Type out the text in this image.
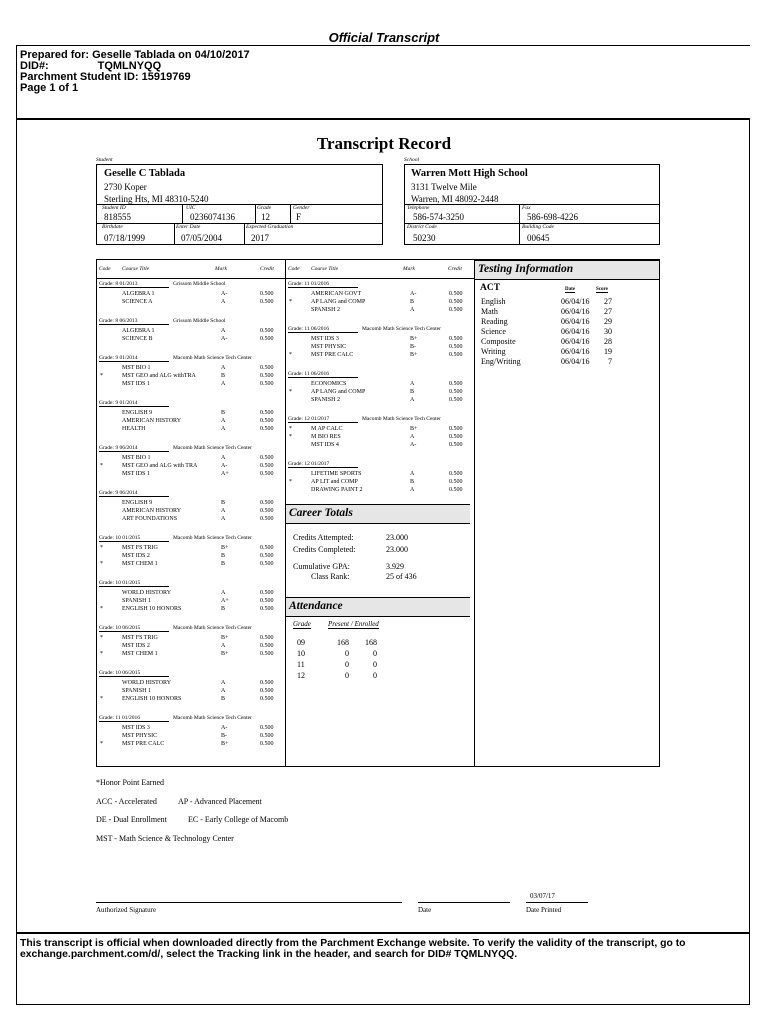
Official Transcript
Prepared for: Geselle Tablada on 04/10/2017
DID#:                TQMLNYQQ
Parchment Student ID: 15919769
Page 1 of 1
Transcript Record
Student
Geselle C Tablada
2730 Koper
Sterling Hts, MI 48310-5240
Student ID
818555
UIC
0236074136
Grade
12
Gender
F
Birthdate
07/18/1999
Enter Date
07/05/2004
Expected Graduation
2017
School
Warren Mott High School
3131 Twelve Mile
Warren, MI 48092-2448
Telephone
586-574-3250
Fax
586-698-4226
District Code
50230
Building Code
00645
Code Course Title	Mark	Credit	Code Course Title	Mark	Credit
Grade: 8 01/2013	Grissom Middle School
ALGEBRA 1	A-	0.500
SCIENCE A	A	0.500
Grade: 8 06/2013	Grissom Middle School
ALGEBRA 1	A	0.500
SCIENCE B	A-	0.500
Grade: 9 01/2014	Macomb Math Science Tech Center
MST BIO 1	A	0.500
*	MST GEO and ALG withTRA	B	0.500
MST IDS 1	A	0.500
Grade: 9 01/2014
ENGLISH 9	B	0.500
AMERICAN HISTORY	A	0.500
HEALTH	A	0.500
Grade: 9 06/2014	Macomb Math Science Tech Center
MST BIO 1	A	0.500
*	MST GEO and ALG with TRA	A-	0.500
MST IDS 1	A+	0.500
Grade: 9 06/2014
ENGLISH 9	B	0.500
AMERICAN HISTORY	A	0.500
ART FOUNDATIONS	A	0.500
Grade: 10 01/2015	Macomb Math Science Tech Center
*	MST FS TRIG	B+	0.500
MST IDS 2	B	0.500
*	MST CHEM 1	B	0.500
Grade: 10 01/2015
WORLD HISTORY	A	0.500
SPANISH 1	A+	0.500
*	ENGLISH 10 HONORS	B	0.500
Grade: 10 06/2015	Macomb Math Science Tech Center
*	MST FS TRIG	B+	0.500
MST IDS 2	A	0.500
*	MST CHEM 1	B+	0.500
Grade: 10 06/2015
WORLD HISTORY	A	0.500
SPANISH 1	A	0.500
*	ENGLISH 10 HONORS	B	0.500
Grade: 11 01/2016	Macomb Math Science Tech Center
MST IDS 3	A-	0.500
MST PHYSIC	B-	0.500
*	MST PRE CALC	B+	0.500
Grade: 11 01/2016
AMERICAN GOVT	A-	0.500
*	AP LANG and COMP	B	0.500
SPANISH 2	A	0.500
Grade: 11 06/2016	Macomb Math Science Tech Center
MST IDS 3	B+	0.500
MST PHYSIC	B-	0.500
*	MST PRE CALC	B+	0.500
Grade: 11 06/2016
ECONOMICS	A	0.500
*	AP LANG and COMP	B	0.500
SPANISH 2	A	0.500
Grade: 12 01/2017	Macomb Math Science Tech Center
*	M AP CALC	B+	0.500
*	M BIO RES	A	0.500
MST IDS 4	A-	0.500
Grade: 12 01/2017
LIFETIME SPORTS	A	0.500
*	AP LIT and COMP	B	0.500
DRAWING PAINT 2	A	0.500
Testing Information
ACT	Date	Score
Career Totals
Credits Attempted:	23.000
Credits Completed:	23.000
Cumulative GPA:	3.929
Class Rank:	25 of 436
Attendance
Grade Present / Enrolled
English	06/04/16	27
Math	06/04/16	27
Reading	06/04/16	29
Science	06/04/16	30
Composite	06/04/16	28
Writing	06/04/16	19
Eng/Writing	06/04/16	7
09	168	168
10	0	0
11	0	0
12	0	0
*Honor Point Earned
ACC - Accelerated	AP - Advanced Placement
DE - Dual Enrollment	EC - Early College of Macomb
MST - Math Science & Technology Center
Authorized Signature	Date
03/07/17
Date Printed
This transcript is official when downloaded directly from the Parchment Exchange website. To verify the validity of the transcript, go to exchange.parchment.com/d/, select the Tracking link in the header, and search for DID# TQMLNYQQ.
